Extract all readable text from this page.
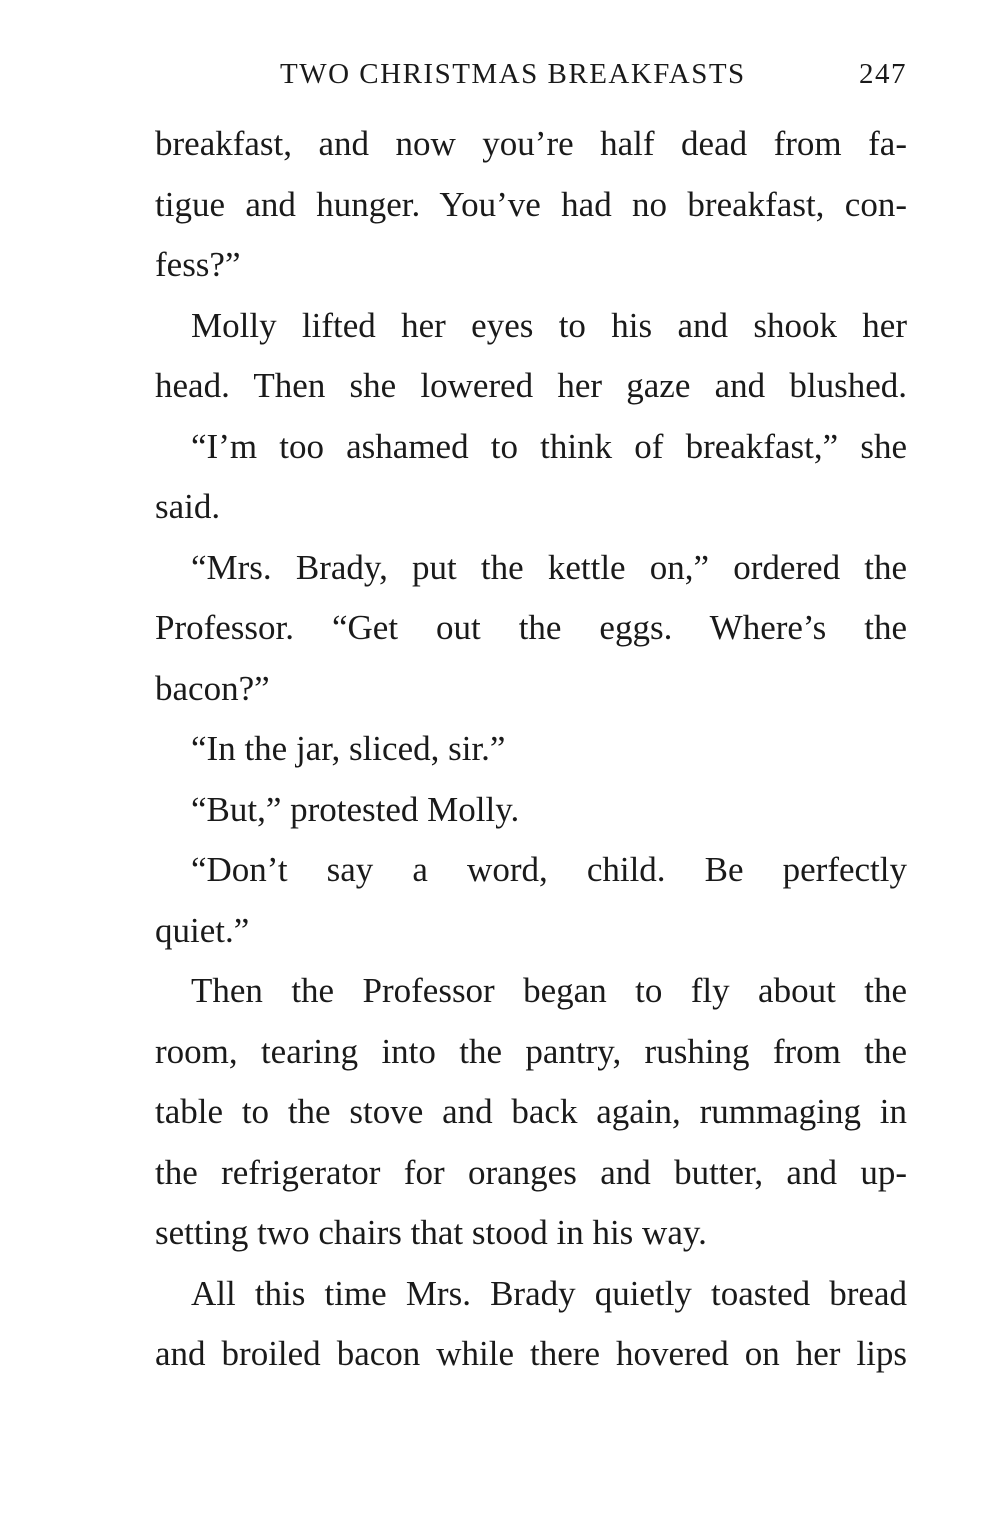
TWO CHRISTMAS BREAKFASTS	247
breakfast, and now you’re half dead from fa-
tigue and hunger. You’ve had no breakfast, con-
fess?”
Molly lifted her eyes to his and shook her
head. Then she lowered her gaze and blushed.
“I’m too ashamed to think of breakfast,” she
said.
“Mrs. Brady, put the kettle on,” ordered the
Professor. “Get out the eggs. Where’s the
bacon?”
“In the jar, sliced, sir.”
“But,” protested Molly.
“Don’t say a word, child. Be perfectly
quiet.”
Then the Professor began to fly about the
room, tearing into the pantry, rushing from the
table to the stove and back again, rummaging in
the refrigerator for oranges and butter, and up-
setting two chairs that stood in his way.
All this time Mrs. Brady quietly toasted bread
and broiled bacon while there hovered on her lips
